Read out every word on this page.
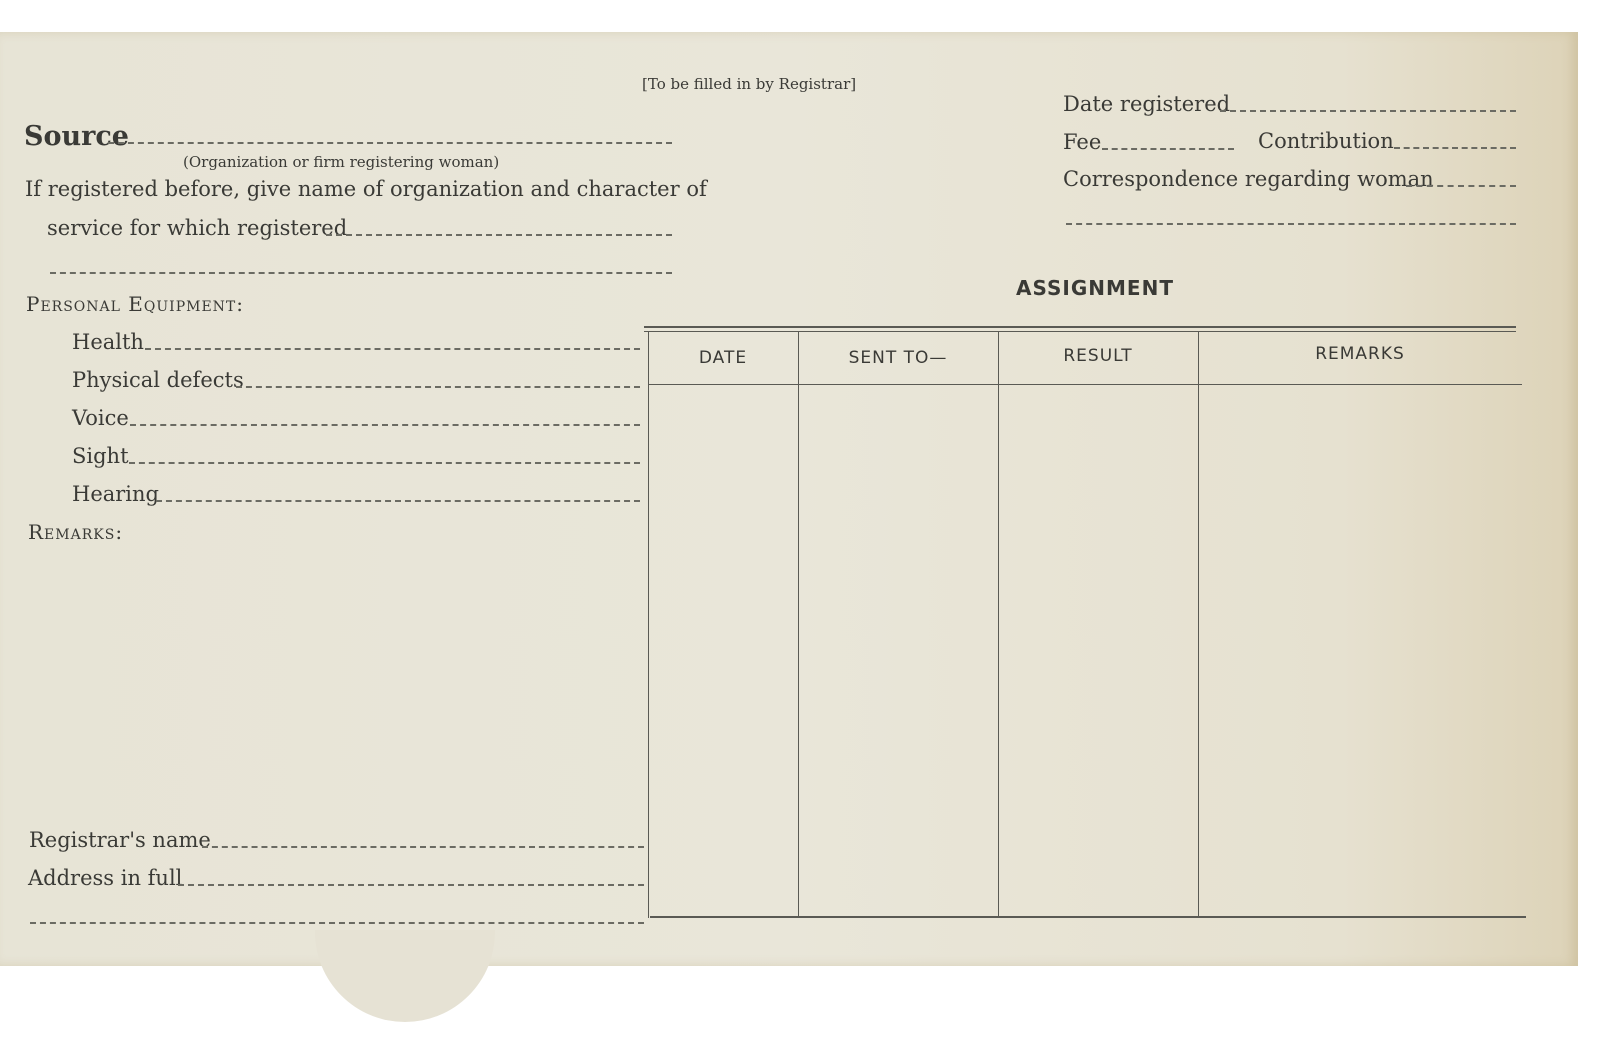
[To be filled in by Registrar]
Source
(Organization or firm registering woman)
If registered before, give name of organization and character of
service for which registered
Date registered
Fee	Contribution
Correspondence regarding woman
Personal Equipment:
Health
Physical defects
Voice
Sight
Hearing
Remarks:
Registrar's name
Address in full
ASSIGNMENT
DATE	SENT TO—	RESULT	REMARKS
